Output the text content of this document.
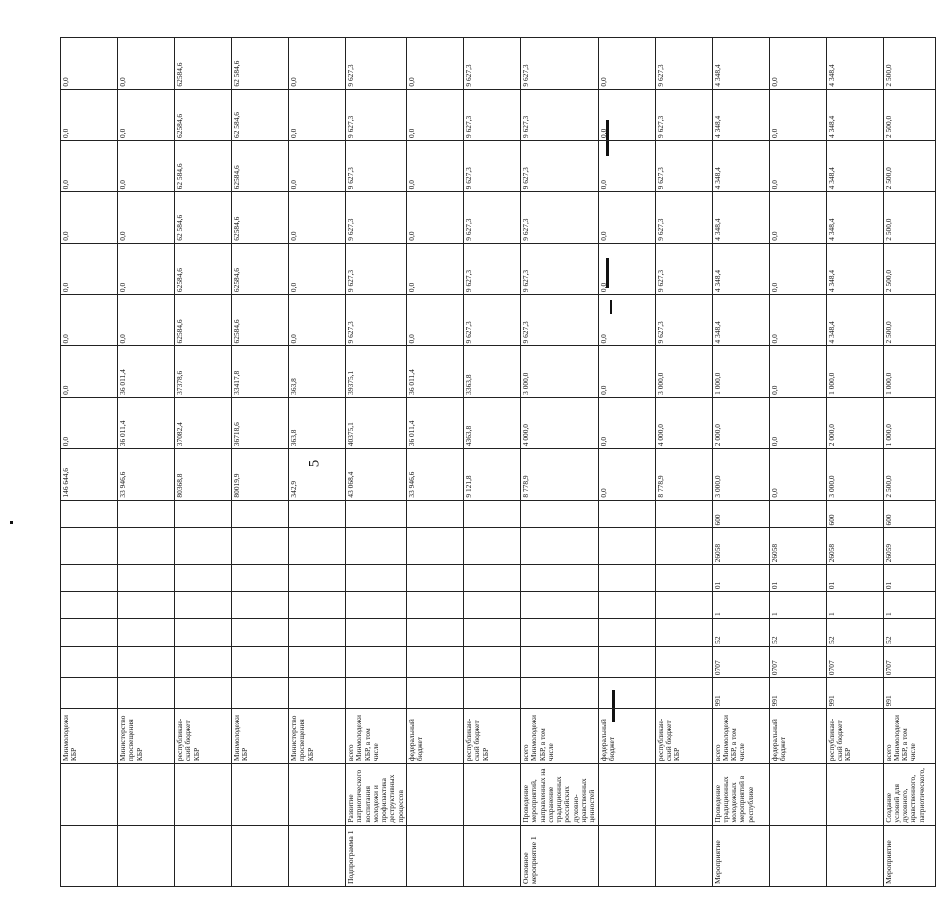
5
		Минмолодежи КБР								146 644,6	0,0	0,0	0,0	0,0	0,0	0,0	0,0	0,0
		Министерство просвещения КБР								33 946,6	36 011,4	36 011,4	0,0	0,0	0,0	0,0	0,0	0,0
		республикан-ский бюджет КБР								80368,8	37082,4	37378,6	62584,6	62584,6	62 584,6	62 584,6	62584,6	62584,6
		Минмолодежи КБР								80019,9	36718,6	33417,8	62584,6	62584,6	62584,6	62584,6	62 584,6	62 584,6
		Министерство просвещения КБР								342,9	363,8	363,8	0,0	0,0	0,0	0,0	0,0	0,0
Подпрограмма 1	Развитие патриотического воспитания молодежи и профилактика деструктивных процессов	всего Минмолодежи КБР, в том числе								43 068,4	40375,1	39375,1	9 627,3	9 627,3	9 627,3	9 627,3	9 627,3	9 627,3
		федеральный бюджет								33 946,6	36 011,4	36 011,4	0,0	0,0	0,0	0,0	0,0	0,0
		республикан-ский бюджет КБР								9 121,8	4363,8	3363,8	9 627,3	9 627,3	9 627,3	9 627,3	9 627,3	9 627,3
Основное мероприятие 1	Проведение мероприятий, направленных на сохранение традиционных российских духовно-нравственных ценностей	всего Минмолодежи КБР, в том числе								8 778,9	4 000,0	3 000,0	9 627,3	9 627,3	9 627,3	9 627,3	9 627,3	9 627,3
		федеральный бюджет								0,0	0,0	0,0	0,0	0,0	0,0	0,0	0,0	0,0
		республикан-ский бюджет КБР								8 778,9	4 000,0	3 000,0	9 627,3	9 627,3	9 627,3	9 627,3	9 627,3	9 627,3
Мероприятие	Проведение традиционных молодежных мероприятий в республике	всего Минмолодежи КБР, в том числе	991	0707	52	1	01	26058	600	3 000,0	2 000,0	1 000,0	4 348,4	4 348,4	4 348,4	4 348,4	4 348,4	4 348,4
		федеральный бюджет	991	0707	52	1	01	26058		0,0	0,0	0,0	0,0	0,0	0,0	0,0	0,0	0,0
		республикан-ский бюджет КБР	991	0707	52	1	01	26058	600	3 000,0	2 000,0	1 000,0	4 348,4	4 348,4	4 348,4	4 348,4	4 348,4	4 348,4
Мероприятие	Создание условий для духовного, нравственного, патриотического,	всего Минмолодежи КБР, в том числе	991	0707	52	1	01	26059	600	2 500,0	1 000,0	1 000,0	2 500,0	2 500,0	2 500,0	2 500,0	2 500,0	2 500,0
